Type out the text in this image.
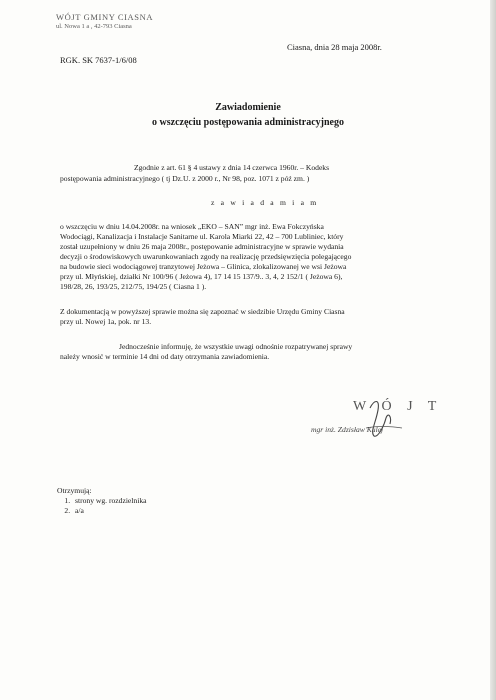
WÓJT GMINY CIASNA
ul. Nowa 1 a , 42-793 Ciasna
RGK. SK 7637-1/6/08
Ciasna, dnia 28 maja 2008r.
Zawiadomienie
o wszczęciu postępowania administracyjnego
Zgodnie z art. 61 § 4 ustawy z dnia 14 czerwca 1960r. – Kodeks
postępowania administracyjnego ( tj Dz.U. z 2000 r., Nr 98, poz. 1071 z póź zm. )
z a w i a d a m i a m
o wszczęciu w dniu 14.04.2008r. na wniosek „EKO – SAN” mgr inż. Ewa Fokczyńska
Wodociągi, Kanalizacja i Instalacje Sanitarne ul. Karola Miarki 22, 42 – 700 Lubliniec, który
został uzupełniony w dniu 26 maja 2008r., postępowanie administracyjne w sprawie wydania
decyzji o środowiskowych uwarunkowaniach zgody na realizację przedsięwzięcia polegającego
na budowie sieci wodociągowej tranzytowej Jeżowa – Glinica, zlokalizowanej we wsi Jeżowa
przy ul. Młyńskiej, działki Nr 100/96 ( Jeżowa 4), 17 14 15 137/9.. 3, 4, 2 152/1 ( Jeżowa 6),
198/28, 26, 193/25, 212/75, 194/25 ( Ciasna 1 ).
Z dokumentacją w powyższej sprawie można się zapoznać w siedzibie Urzędu Gminy Ciasna
przy ul. Nowej 1a, pok. nr 13.
Jednocześnie informuję, że wszystkie uwagi odnośnie rozpatrywanej sprawy
należy wnosić w terminie 14 dni od daty otrzymania zawiadomienia.
W Ó J T
mgr inż. Zdzisław Kulej
Otrzymują:
1. strony wg. rozdzielnika
2. a/a
